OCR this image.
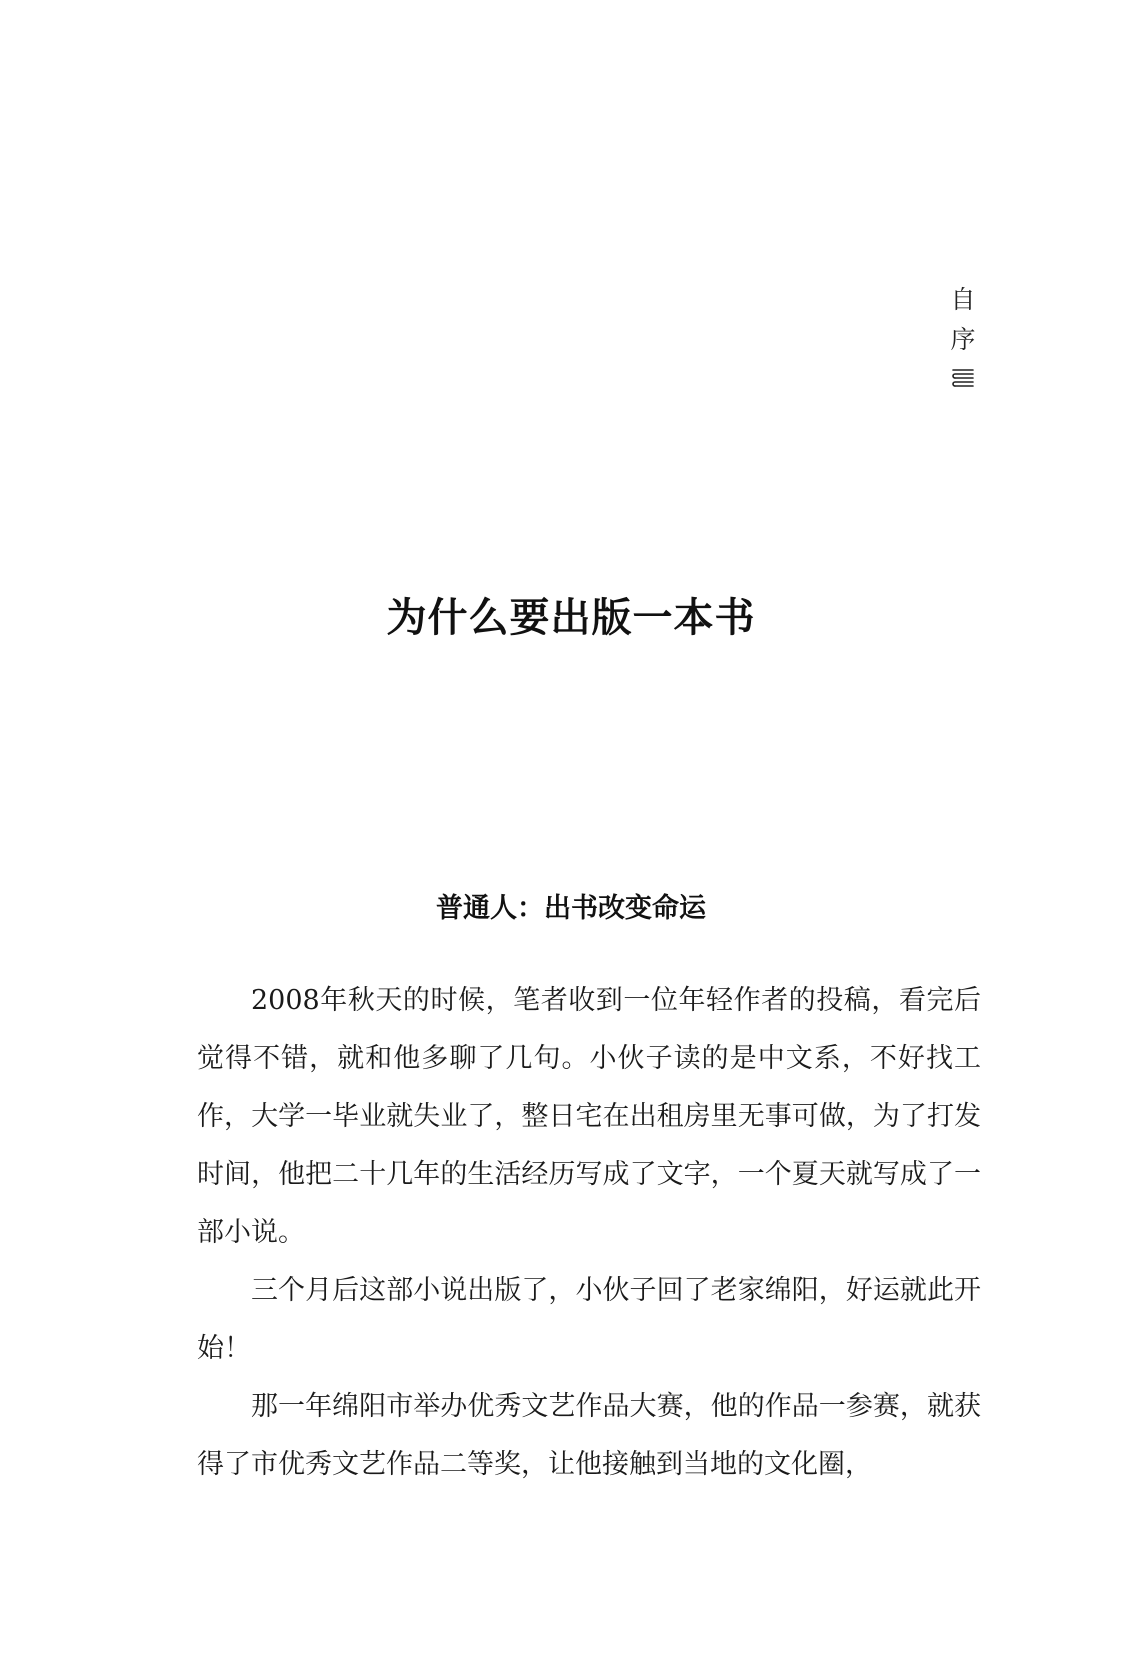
自
序
为什么要出版一本书
普通人：出书改变命运

2008年秋天的时候，笔者收到一位年轻作者的投稿，看完后觉得不错，就和他多聊了几句。小伙子读的是中文系，不好找工作，大学一毕业就失业了，整日宅在出租房里无事可做，为了打发时间，他把二十几年的生活经历写成了文字，一个夏天就写成了一部小说。

三个月后这部小说出版了，小伙子回了老家绵阳，好运就此开始！

那一年绵阳市举办优秀文艺作品大赛，他的作品一参赛，就获得了市优秀文艺作品二等奖，让他接触到当地的文化圈，
